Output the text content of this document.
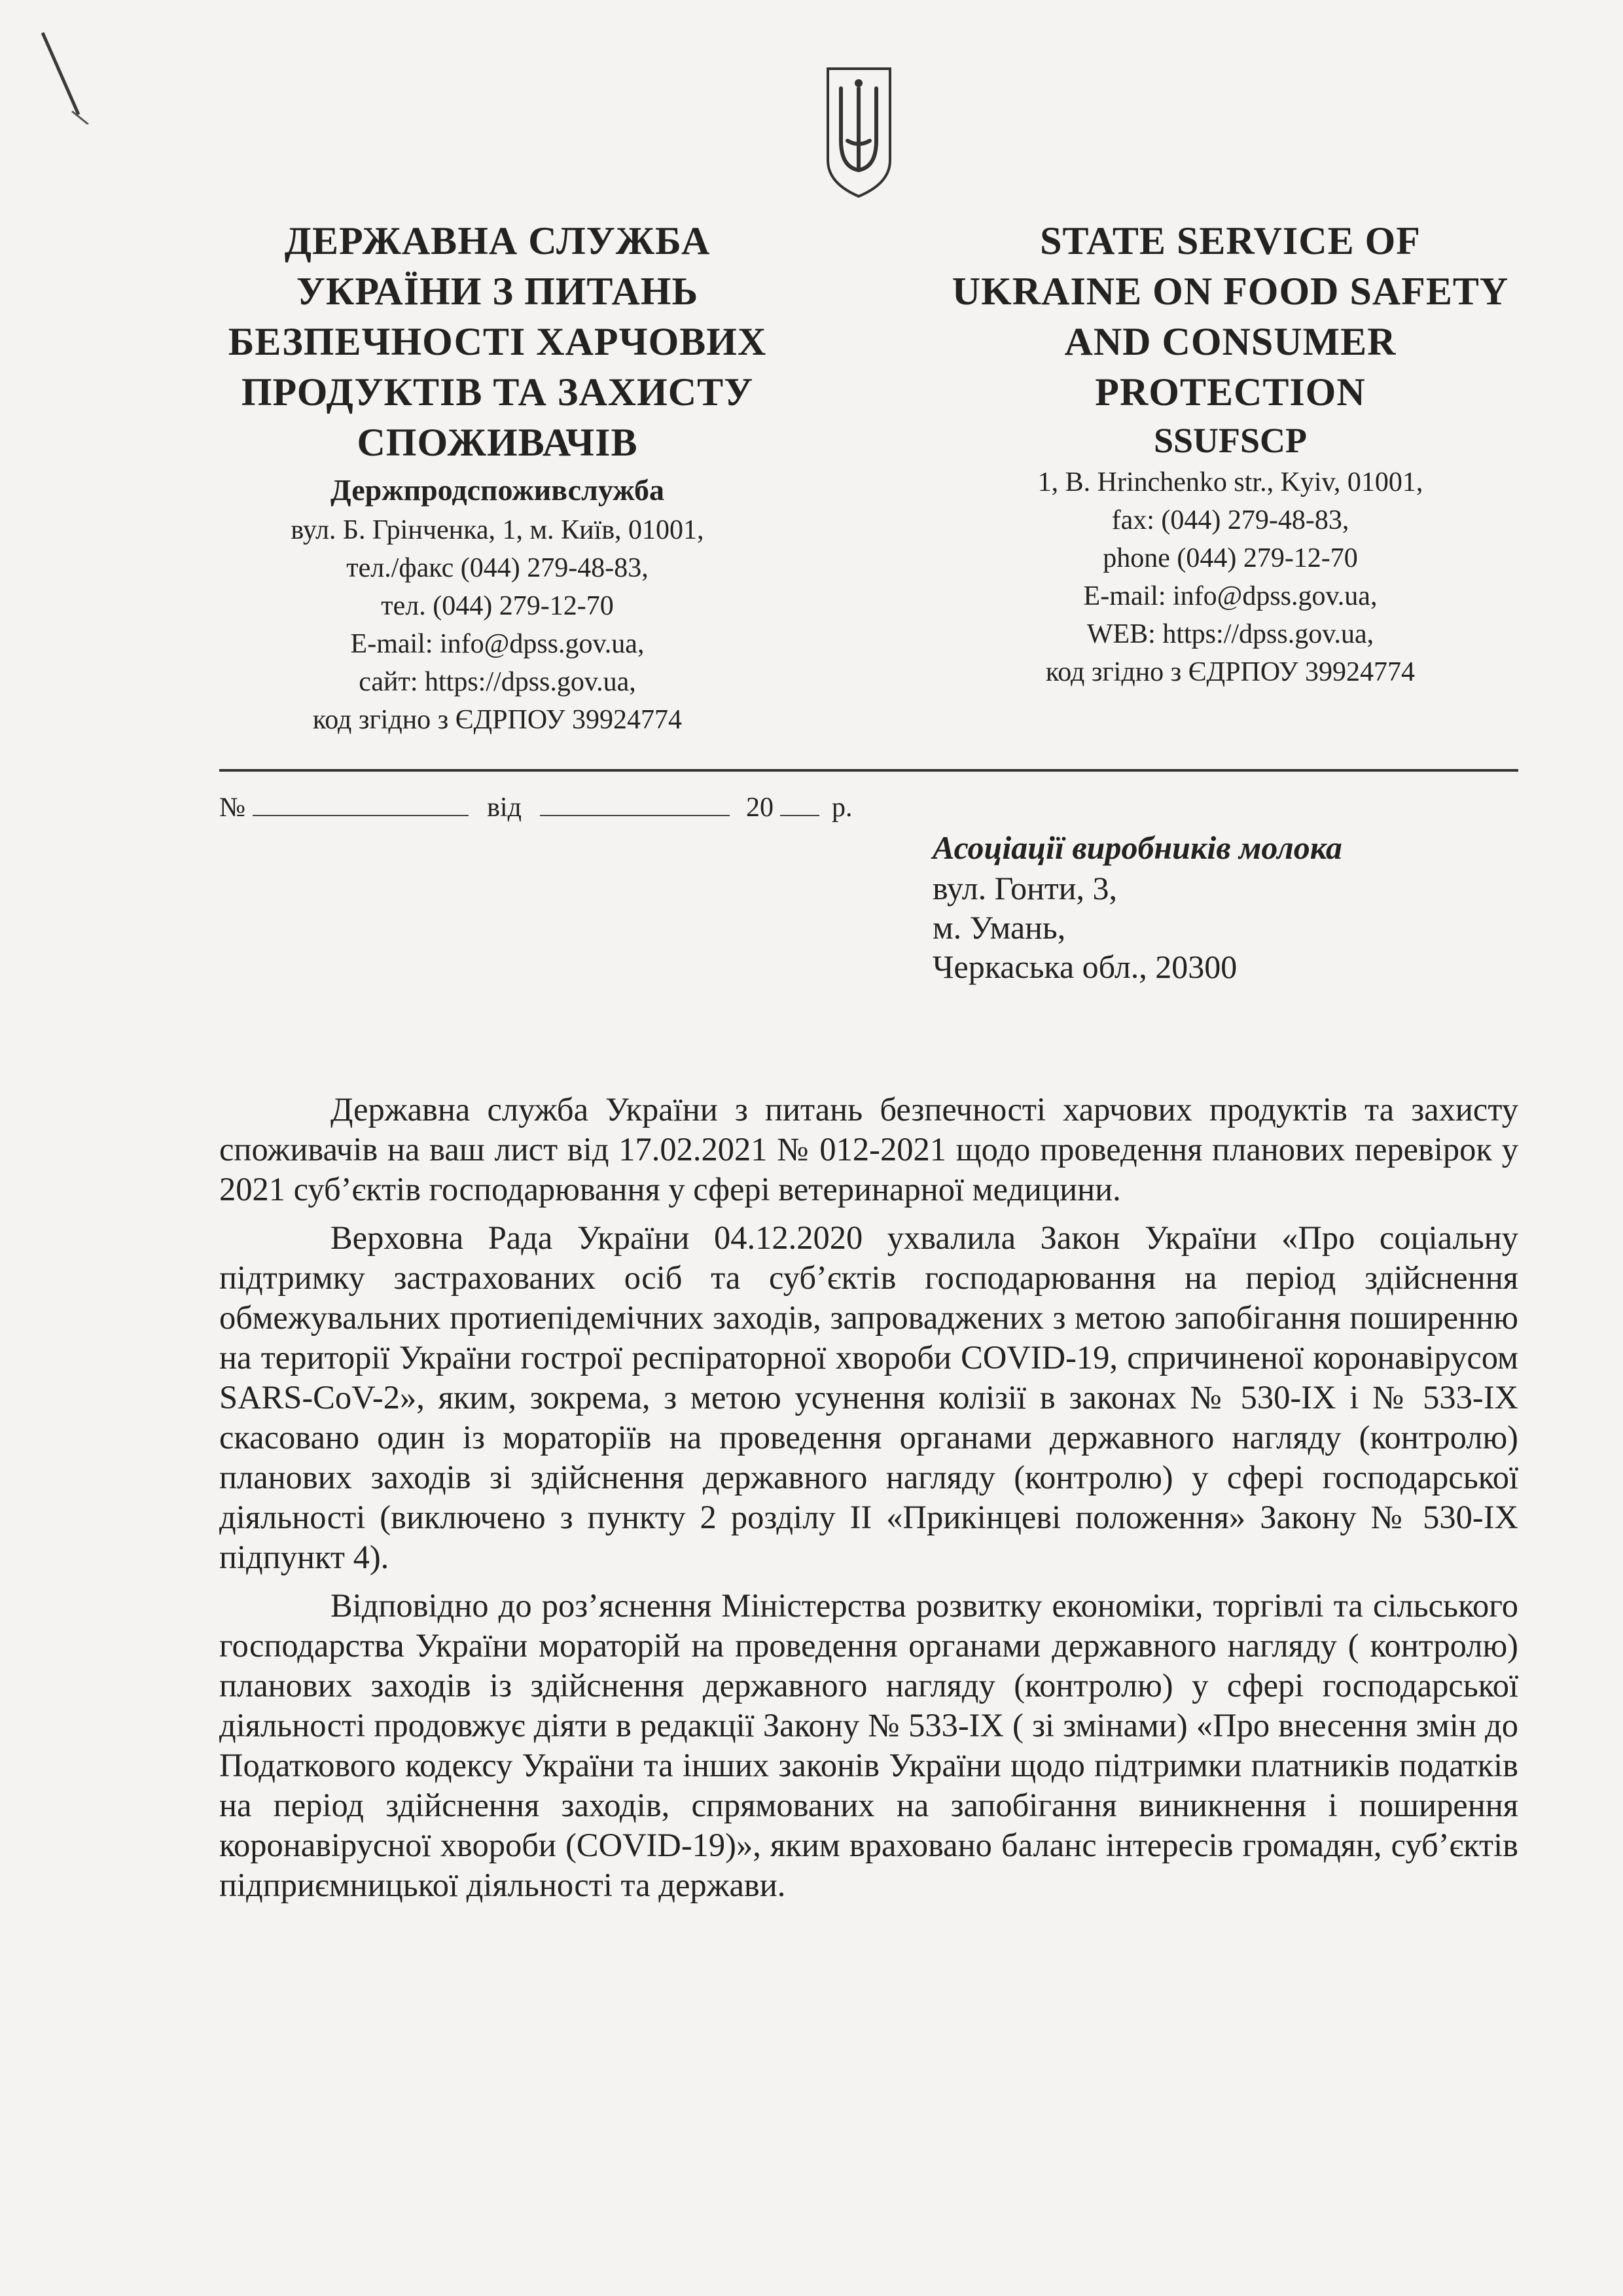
ДЕРЖАВНА СЛУЖБА
УКРАЇНИ З ПИТАНЬ
БЕЗПЕЧНОСТІ ХАРЧОВИХ
ПРОДУКТІВ ТА ЗАХИСТУ
СПОЖИВАЧІВ
Держпродспоживслужба
вул. Б. Грінченка, 1, м. Київ, 01001,
тел./факс (044) 279-48-83,
тел. (044) 279-12-70
E-mail: info@dpss.gov.ua,
сайт: https://dpss.gov.ua,
код згідно з ЄДРПОУ 39924774
STATE SERVICE OF
UKRAINE ON FOOD SAFETY
AND CONSUMER
PROTECTION
SSUFSCP
1, B. Hrinchenko str., Kyiv, 01001,
fax: (044) 279-48-83,
phone (044) 279-12-70
E-mail: info@dpss.gov.ua,
WEB: https://dpss.gov.ua,
код згідно з ЄДРПОУ 39924774
№	від	20 р.
Асоціації виробників молока
вул. Гонти, 3,
м. Умань,
Черкаська обл., 20300

Державна служба України з питань безпечності харчових продуктів та захисту споживачів на ваш лист від 17.02.2021 № 012-2021 щодо проведення планових перевірок у 2021 суб’єктів господарювання у сфері ветеринарної медицини.

Верховна Рада України 04.12.2020 ухвалила Закон України «Про соціальну підтримку застрахованих осіб та суб’єктів господарювання на період здійснення обмежувальних протиепідемічних заходів, запроваджених з метою запобігання поширенню на території України гострої респіраторної хвороби COVID-19, спричиненої коронавірусом SARS-CoV-2», яким, зокрема, з метою усунення колізії в законах № 530-IX і № 533-IX скасовано один із мораторіїв на проведення органами державного нагляду (контролю) планових заходів зі здійснення державного нагляду (контролю) у сфері господарської діяльності (виключено з пункту 2 розділу II «Прикінцеві положення» Закону № 530-IX підпункт 4).

Відповідно до роз’яснення Міністерства розвитку економіки, торгівлі та сільського господарства України мораторій на проведення органами державного нагляду ( контролю) планових заходів із здійснення державного нагляду (контролю) у сфері господарської діяльності продовжує діяти в редакції Закону № 533-IX ( зі змінами) «Про внесення змін до Податкового кодексу України та інших законів України щодо підтримки платників податків на період здійснення заходів, спрямованих на запобігання виникнення і поширення коронавірусної хвороби (COVID-19)», яким враховано баланс інтересів громадян, суб’єктів підприємницької діяльності та держави.
